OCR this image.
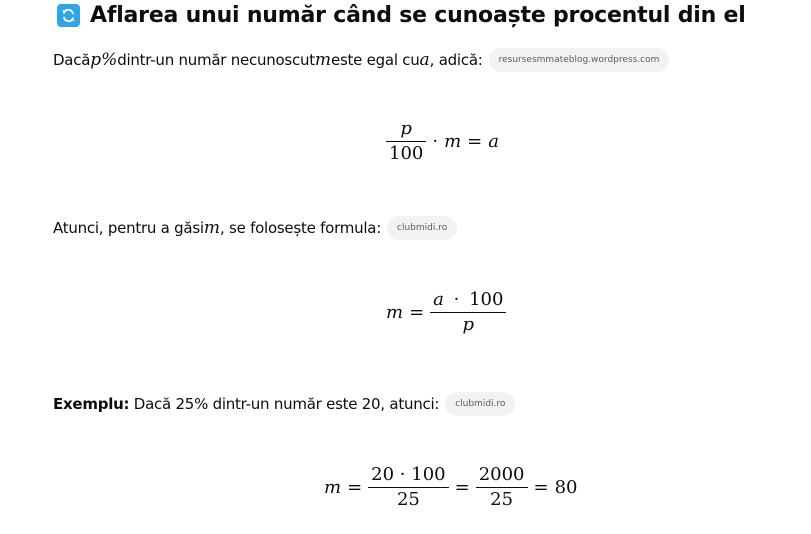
Aflarea unui număr când se cunoaște procentul din el
Dacă p% dintr-un număr necunoscut m este egal cu a , adică:	resursesmmateblog.wordpress.com
$\frac{p}{100} \cdot m = a$
Atunci, pentru a găsi m , se folosește formula:	clubmidi.ro
$m = \frac{a \cdot 100}{p}$
Exemplu: Dacă 25% dintr-un număr este 20, atunci:	clubmidi.ro
$m = \frac{20 \cdot 100}{25} = \frac{2000}{25} = 80$
